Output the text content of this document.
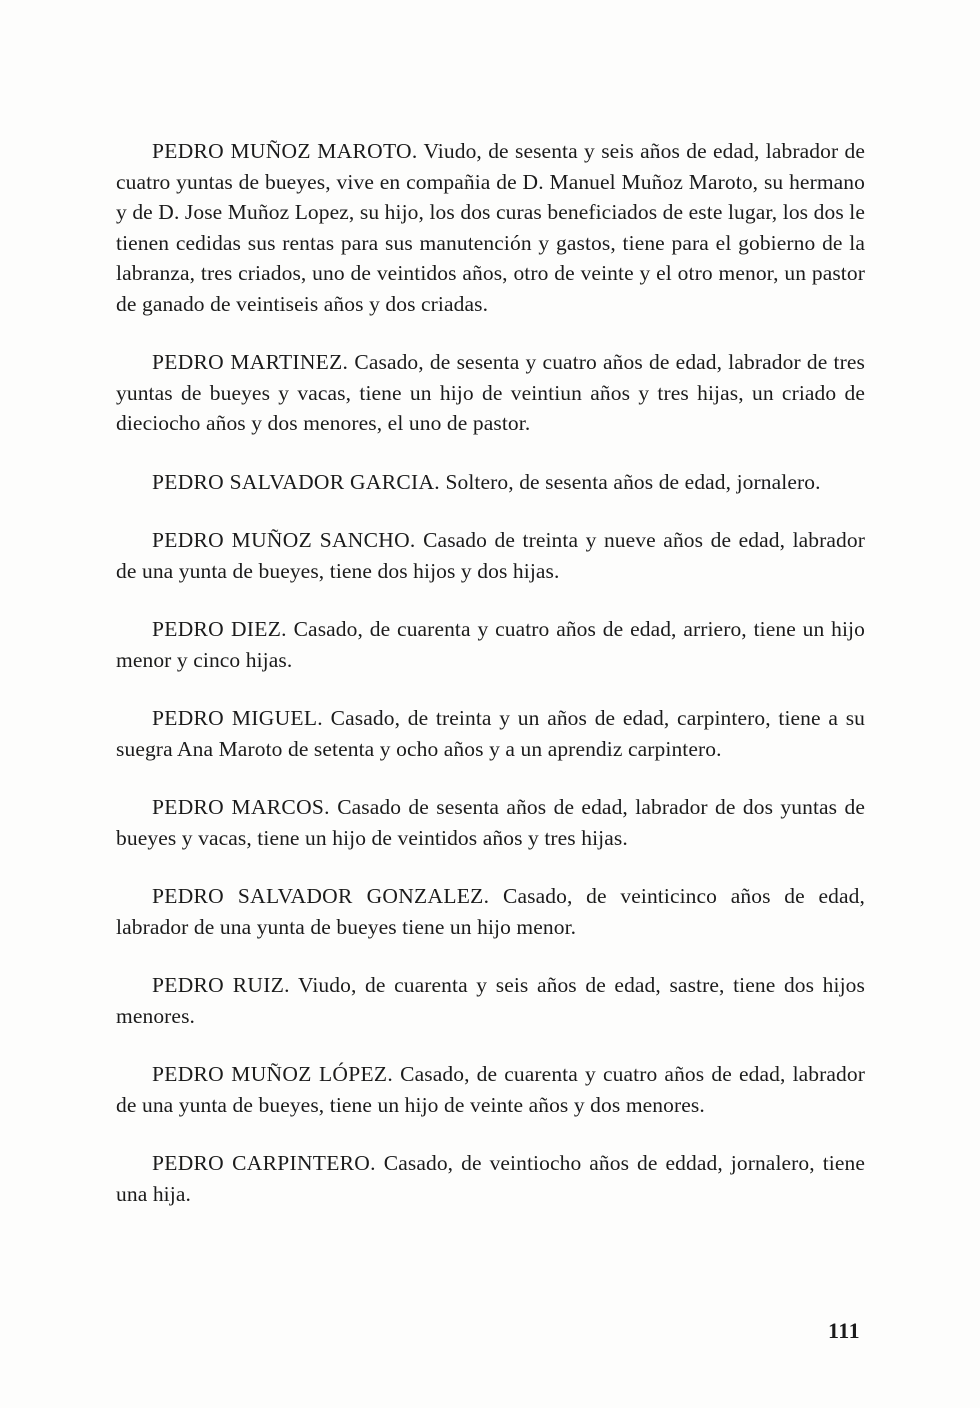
PEDRO MUÑOZ MAROTO. Viudo, de sesenta y seis años de edad, labrador de cuatro yuntas de bueyes, vive en compañia de D. Manuel Muñoz Maroto, su hermano y de D. Jose Muñoz Lopez, su hijo, los dos curas beneficiados de este lugar, los dos le tienen cedidas sus rentas para sus manutención y gastos, tiene para el gobierno de la labranza, tres criados, uno de veintidos años, otro de veinte y el otro menor, un pastor de ganado de veintiseis años y dos criadas.

PEDRO MARTINEZ. Casado, de sesenta y cuatro años de edad, labrador de tres yuntas de bueyes y vacas, tiene un hijo de veintiun años y tres hijas, un criado de dieciocho años y dos menores, el uno de pastor.

PEDRO SALVADOR GARCIA. Soltero, de sesenta años de edad, jornalero.

PEDRO MUÑOZ SANCHO. Casado de treinta y nueve años de edad, labrador de una yunta de bueyes, tiene dos hijos y dos hijas.

PEDRO DIEZ. Casado, de cuarenta y cuatro años de edad, arriero, tiene un hijo menor y cinco hijas.

PEDRO MIGUEL. Casado, de treinta y un años de edad, carpintero, tiene a su suegra Ana Maroto de setenta y ocho años y a un aprendiz carpintero.

PEDRO MARCOS. Casado de sesenta años de edad, labrador de dos yuntas de bueyes y vacas, tiene un hijo de veintidos años y tres hijas.

PEDRO SALVADOR GONZALEZ. Casado, de veinticinco años de edad, labrador de una yunta de bueyes tiene un hijo menor.

PEDRO RUIZ. Viudo, de cuarenta y seis años de edad, sastre, tiene dos hijos menores.

PEDRO MUÑOZ LÓPEZ. Casado, de cuarenta y cuatro años de edad, labrador de una yunta de bueyes, tiene un hijo de veinte años y dos menores.

PEDRO CARPINTERO. Casado, de veintiocho años de eddad, jornalero, tiene una hija.

111
